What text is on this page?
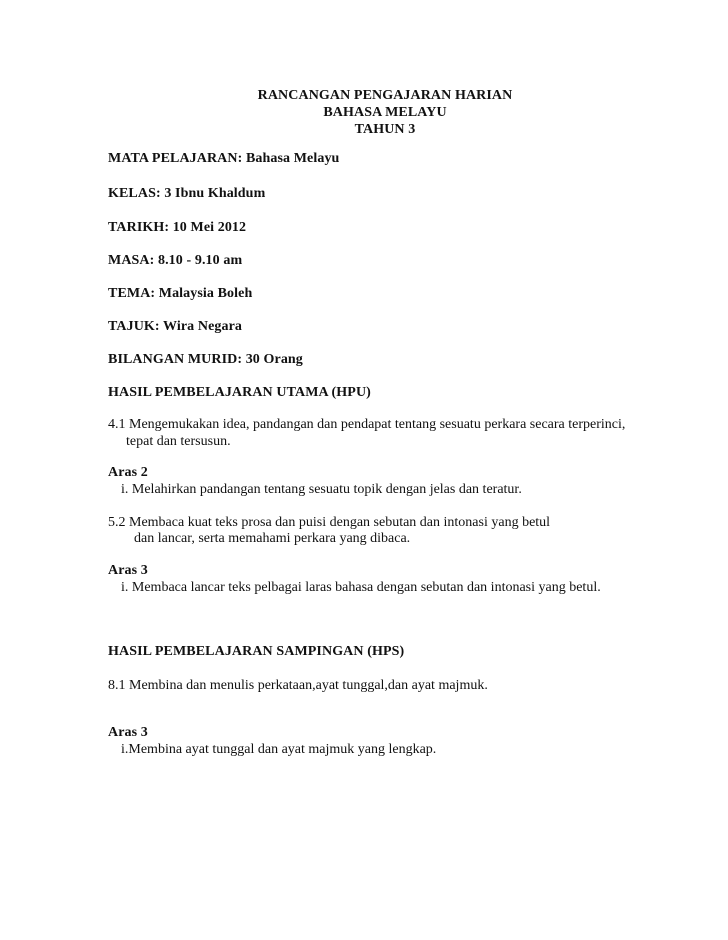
RANCANGAN PENGAJARAN HARIAN
BAHASA MELAYU
TAHUN 3
MATA PELAJARAN: Bahasa Melayu
KELAS: 3 Ibnu Khaldum
TARIKH: 10 Mei 2012
MASA: 8.10 - 9.10 am
TEMA: Malaysia Boleh
TAJUK: Wira Negara
BILANGAN MURID: 30 Orang
HASIL PEMBELAJARAN UTAMA (HPU)
4.1 Mengemukakan idea, pandangan dan pendapat tentang sesuatu perkara secara terperinci,
tepat dan tersusun.
Aras 2
i. Melahirkan pandangan tentang sesuatu topik dengan jelas dan teratur.
5.2 Membaca kuat teks prosa dan puisi dengan sebutan dan intonasi yang betul
dan lancar, serta memahami perkara yang dibaca.
Aras 3
i. Membaca lancar teks pelbagai laras bahasa dengan sebutan dan intonasi yang betul.
HASIL PEMBELAJARAN SAMPINGAN (HPS)
8.1 Membina dan menulis perkataan,ayat tunggal,dan ayat majmuk.
Aras 3
i.Membina ayat tunggal dan ayat majmuk yang lengkap.
